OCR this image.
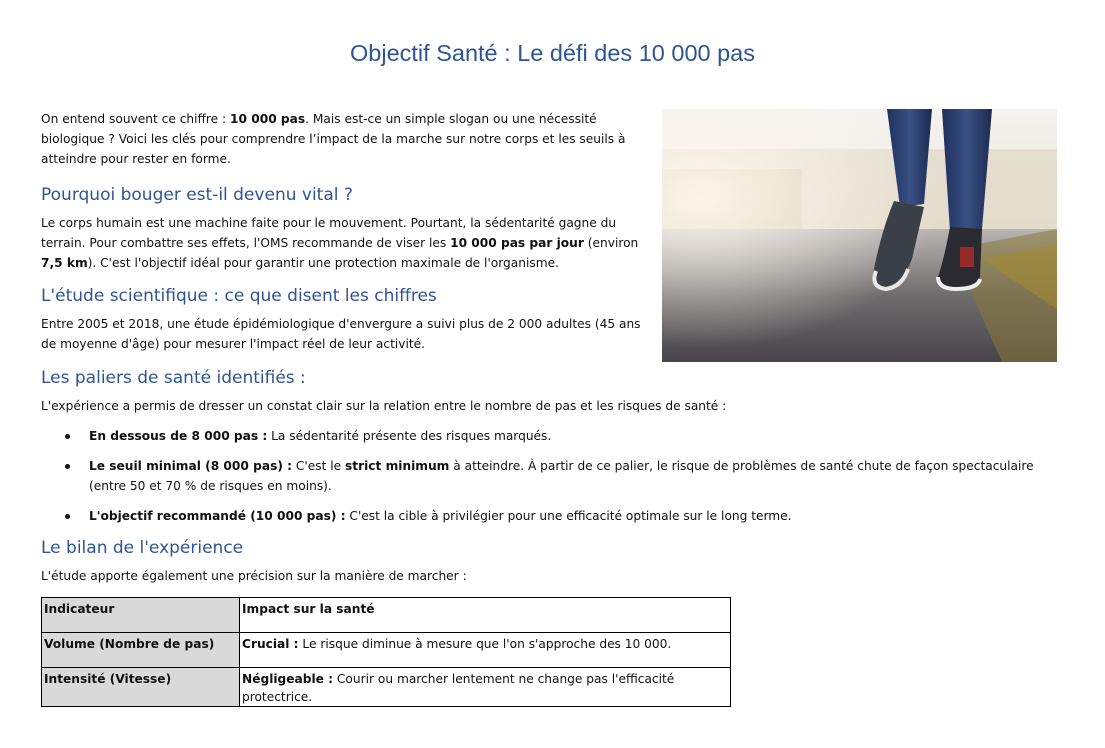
Objectif Santé : Le défi des 10 000 pas

On entend souvent ce chiffre : 10 000 pas. Mais est-ce un simple slogan ou une nécessité biologique ? Voici les clés pour comprendre l’impact de la marche sur notre corps et les seuils à atteindre pour rester en forme.

Pourquoi bouger est-il devenu vital ?

Le corps humain est une machine faite pour le mouvement. Pourtant, la sédentarité gagne du terrain. Pour combattre ses effets, l'OMS recommande de viser les 10 000 pas par jour (environ 7,5 km). C'est l'objectif idéal pour garantir une protection maximale de l'organisme.

L'étude scientifique : ce que disent les chiffres

Entre 2005 et 2018, une étude épidémiologique d'envergure a suivi plus de 2 000 adultes (45 ans de moyenne d'âge) pour mesurer l'impact réel de leur activité.

Les paliers de santé identifiés :

L'expérience a permis de dresser un constat clair sur la relation entre le nombre de pas et les risques de santé :

En dessous de 8 000 pas : La sédentarité présente des risques marqués.
Le seuil minimal (8 000 pas) : C'est le strict minimum à atteindre. À partir de ce palier, le risque de problèmes de santé chute de façon spectaculaire (entre 50 et 70 % de risques en moins).
L'objectif recommandé (10 000 pas) : C'est la cible à privilégier pour une efficacité optimale sur le long terme.
Le bilan de l'expérience

L'étude apporte également une précision sur la manière de marcher :

Indicateur	Impact sur la santé
Volume (Nombre de pas)	Crucial : Le risque diminue à mesure que l'on s'approche des 10 000.
Intensité (Vitesse)	Négligeable : Courir ou marcher lentement ne change pas l'efficacité protectrice.
